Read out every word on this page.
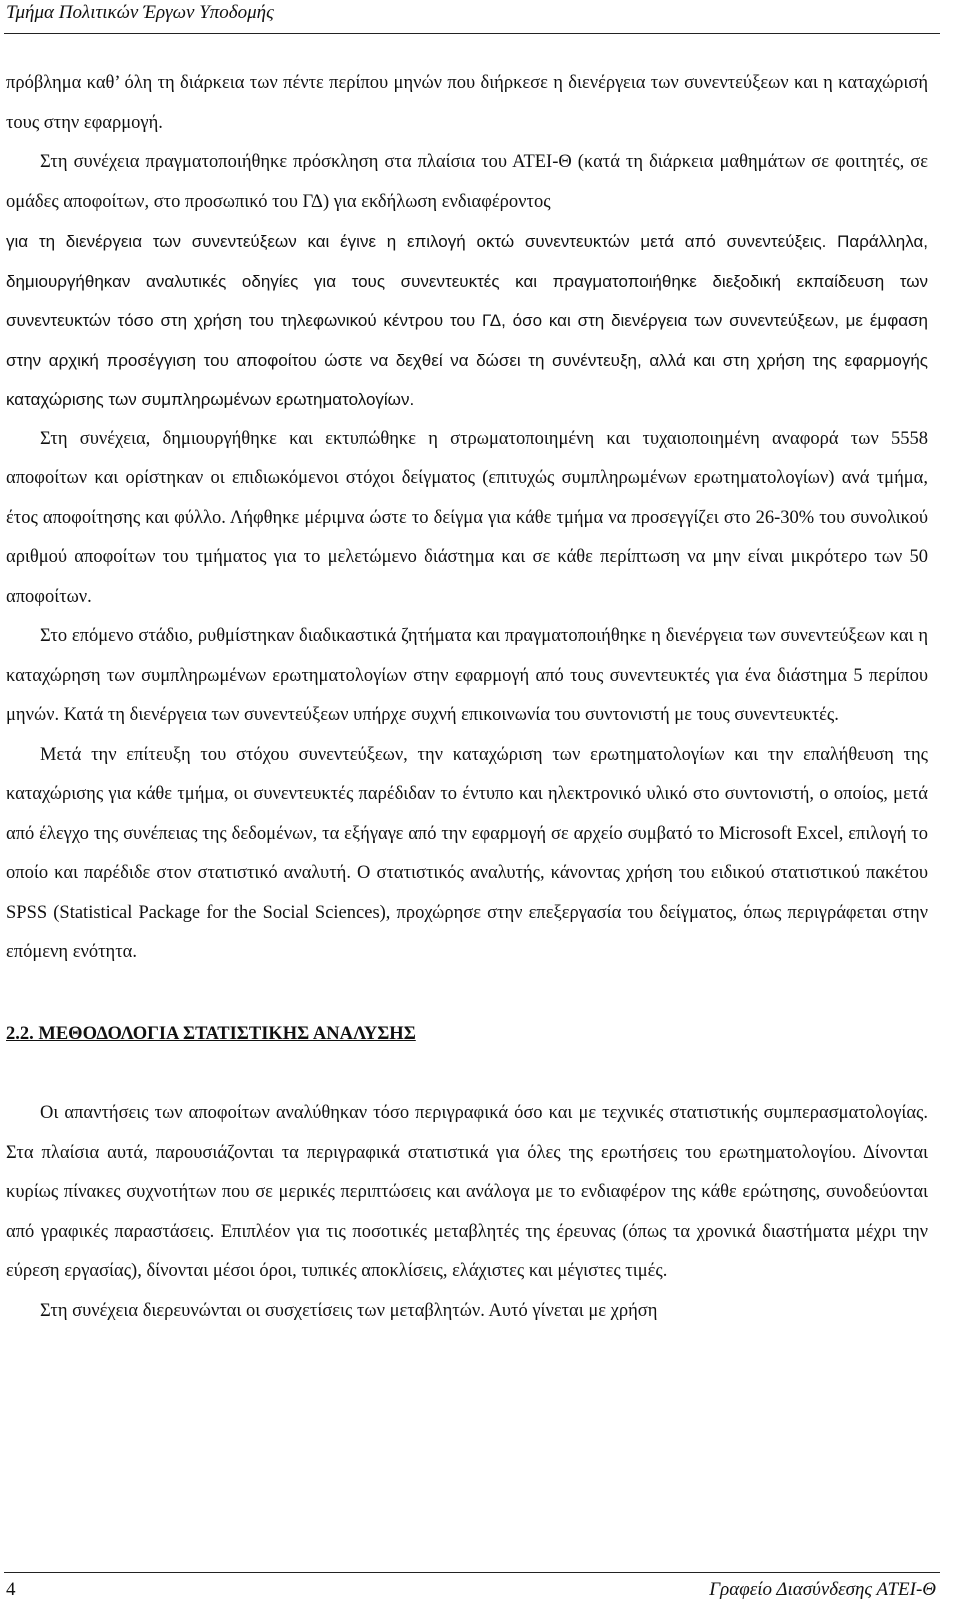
Τμήμα Πολιτικών Έργων Υποδομής

πρόβλημα καθ’ όλη τη διάρκεια των πέντε περίπου μηνών που διήρκεσε η διενέργεια των συνεντεύξεων και η καταχώρισή τους στην εφαρμογή.

Στη συνέχεια πραγματοποιήθηκε πρόσκληση στα πλαίσια του ΑΤΕΙ-Θ (κατά τη διάρκεια μαθημάτων σε φοιτητές, σε ομάδες αποφοίτων, στο προσωπικό του ΓΔ) για εκδήλωση ενδιαφέροντος

για τη διενέργεια των συνεντεύξεων και έγινε η επιλογή οκτώ συνεντευκτών μετά από συνεντεύξεις. Παράλληλα, δημιουργήθηκαν αναλυτικές οδηγίες για τους συνεντευκτές και πραγματοποιήθηκε διεξοδική εκπαίδευση των συνεντευκτών τόσο στη χρήση του τηλεφωνικού κέντρου του ΓΔ, όσο και στη διενέργεια των συνεντεύξεων, με έμφαση στην αρχική προσέγγιση του αποφοίτου ώστε να δεχθεί να δώσει τη συνέντευξη, αλλά και στη χρήση της εφαρμογής καταχώρισης των συμπληρωμένων ερωτηματολογίων.

Στη συνέχεια, δημιουργήθηκε και εκτυπώθηκε η στρωματοποιημένη και τυχαιοποιημένη αναφορά των 5558 αποφοίτων και ορίστηκαν οι επιδιωκόμενοι στόχοι δείγματος (επιτυχώς συμπληρωμένων ερωτηματολογίων) ανά τμήμα, έτος αποφοίτησης και φύλλο. Λήφθηκε μέριμνα ώστε το δείγμα για κάθε τμήμα να προσεγγίζει στο 26-30% του συνολικού αριθμού αποφοίτων του τμήματος για το μελετώμενο διάστημα και σε κάθε περίπτωση να μην είναι μικρότερο των 50 αποφοίτων.

Στο επόμενο στάδιο, ρυθμίστηκαν διαδικαστικά ζητήματα και πραγματοποιήθηκε η διενέργεια των συνεντεύξεων και η καταχώρηση των συμπληρωμένων ερωτηματολογίων στην εφαρμογή από τους συνεντευκτές για ένα διάστημα 5 περίπου μηνών. Κατά τη διενέργεια των συνεντεύξεων υπήρχε συχνή επικοινωνία του συντονιστή με τους συνεντευκτές.

Μετά την επίτευξη του στόχου συνεντεύξεων, την καταχώριση των ερωτηματολογίων και την επαλήθευση της καταχώρισης για κάθε τμήμα, οι συνεντευκτές παρέδιδαν το έντυπο και ηλεκτρονικό υλικό στο συντονιστή, ο οποίος, μετά από έλεγχο της συνέπειας της δεδομένων, τα εξήγαγε από την εφαρμογή σε αρχείο συμβατό το Microsoft Excel, επιλογή το οποίο και παρέδιδε στον στατιστικό αναλυτή. Ο στατιστικός αναλυτής, κάνοντας χρήση του ειδικού στατιστικού πακέτου SPSS (Statistical Package for the Social Sciences), προχώρησε στην επεξεργασία του δείγματος, όπως περιγράφεται στην επόμενη ενότητα.

2.2. ΜΕΘΟΔΟΛΟΓΙΑ ΣΤΑΤΙΣΤΙΚΗΣ ΑΝΑΛΥΣΗΣ

Οι απαντήσεις των αποφοίτων αναλύθηκαν τόσο περιγραφικά όσο και με τεχνικές στατιστικής συμπερασματολογίας. Στα πλαίσια αυτά, παρουσιάζονται τα περιγραφικά στατιστικά για όλες της ερωτήσεις του ερωτηματολογίου. Δίνονται κυρίως πίνακες συχνοτήτων που σε μερικές περιπτώσεις και ανάλογα με το ενδιαφέρον της κάθε ερώτησης, συνοδεύονται από γραφικές παραστάσεις. Επιπλέον για τις ποσοτικές μεταβλητές της έρευνας (όπως τα χρονικά διαστήματα μέχρι την εύρεση εργασίας), δίνονται μέσοι όροι, τυπικές αποκλίσεις, ελάχιστες και μέγιστες τιμές.

Στη συνέχεια διερευνώνται οι συσχετίσεις των μεταβλητών. Αυτό γίνεται με χρήση

4	Γραφείο Διασύνδεσης ΑΤΕΙ-Θ
